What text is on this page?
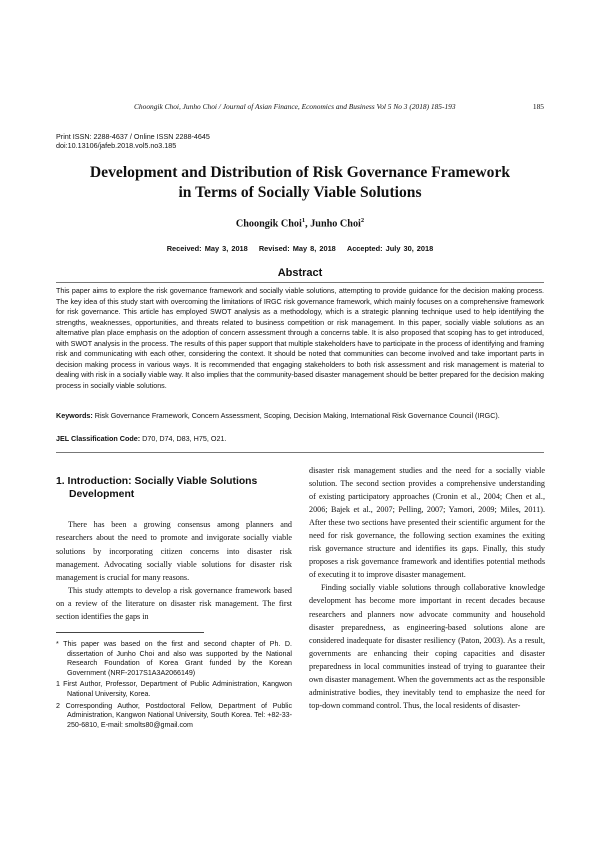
Choongik Choi, Junho Choi / Journal of Asian Finance, Economics and Business Vol 5 No 3 (2018) 185-193	185
Print ISSN: 2288-4637 / Online ISSN 2288-4645
doi:10.13106/jafeb.2018.vol5.no3.185
Development and Distribution of Risk Governance Framework
in Terms of Socially Viable Solutions
Choongik Choi$^1$, Junho Choi$^2$
Received: May 3, 2018 Revised: May 8, 2018 Accepted: July 30, 2018
Abstract
This paper aims to explore the risk governance framework and socially viable solutions, attempting to provide guidance for the decision making process. The key idea of this study start with overcoming the limitations of IRGC risk governance framework, which mainly focuses on a comprehensive framework for risk governance. This article has employed SWOT analysis as a methodology, which is a strategic planning technique used to help identifying the strengths, weaknesses, opportunities, and threats related to business competition or risk management. In this paper, socially viable solutions as an alternative plan place emphasis on the adoption of concern assessment through a concerns table. It is also proposed that scoping has to get introduced, with SWOT analysis in the process. The results of this paper support that multiple stakeholders have to participate in the process of identifying and framing risk and communicating with each other, considering the context. It should be noted that communities can become involved and take important parts in decision making process in various ways. It is recommended that engaging stakeholders to both risk assessment and risk management is material to dealing with risk in a socially viable way. It also implies that the community-based disaster management should be better prepared for the decision making process in socially viable solutions.
Keywords: Risk Governance Framework, Concern Assessment, Scoping, Decision Making, International Risk Governance Council (IRGC).
JEL Classification Code: D70, D74, D83, H75, O21.
1. Introduction: Socially Viable Solutions Development

There has been a growing consensus among planners and researchers about the need to promote and invigorate socially viable solutions by incorporating citizen concerns into disaster risk management. Advocating socially viable solutions for disaster risk management is crucial for many reasons.

This study attempts to develop a risk governance framework based on a review of the literature on disaster risk management. The first section identifies the gaps in

* This paper was based on the first and second chapter of Ph. D. dissertation of Junho Choi and also was supported by the National Research Foundation of Korea Grant funded by the Korean Government (NRF-2017S1A3A2066149)
1 First Author, Professor, Department of Public Administration, Kangwon National University, Korea.
2 Corresponding Author, Postdoctoral Fellow, Department of Public Administration, Kangwon National University, South Korea. Tel: +82-33-250-6810, E-mail: smolts80@gmail.com

disaster risk management studies and the need for a socially viable solution. The second section provides a comprehensive understanding of existing participatory approaches (Cronin et al., 2004; Chen et al., 2006; Bajek et al., 2007; Pelling, 2007; Yamori, 2009; Miles, 2011). After these two sections have presented their scientific argument for the need for risk governance, the following section examines the exiting risk governance structure and identifies its gaps. Finally, this study proposes a risk governance framework and identifies potential methods of executing it to improve disaster management.

Finding socially viable solutions through collaborative knowledge development has become more important in recent decades because researchers and planners now advocate community and household disaster preparedness, as engineering-based solutions alone are considered inadequate for disaster resiliency (Paton, 2003). As a result, governments are enhancing their coping capacities and disaster preparedness in local communities instead of trying to guarantee their own disaster management. When the governments act as the responsible administrative bodies, they inevitably tend to emphasize the need for top-down command control. Thus, the local residents of disaster-
